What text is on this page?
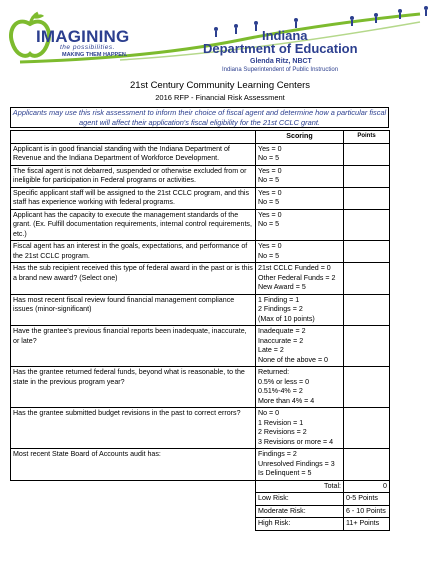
IMAGINING
the possibilities.
MAKING THEM HAPPEN.
Indiana
Department of Education
Glenda Ritz, NBCT
Indiana Superintendent of Public Instruction
21st Century Community Learning Centers
2016 RFP - Financial Risk Assessment
Applicants may use this risk assessment to inform their choice of fiscal agent and determine how a particular fiscal agent will affect their application's fiscal eligibility for the 21st CCLC grant.
	Scoring	Points
Applicant is in good financial standing with the Indiana Department of Revenue and the Indiana Department of Workforce Development.	Yes = 0
No = 5	

The fiscal agent is not debarred, suspended or otherwise excluded from or ineligible for participation in Federal programs or activities.	Yes = 0
No = 5	

Specific applicant staff will be assigned to the 21st CCLC program, and this staff has experience working with federal programs.	Yes = 0
No = 5	

Applicant has the capacity to execute the management standards of the grant. (Ex. Fulfill documentation requirements, internal control requirements, etc.)	Yes = 0
No = 5	

Fiscal agent has an interest in the goals, expectations, and performance of the 21st CCLC program.	Yes = 0
No = 5	

Has the sub recipient received this type of federal award in the past or is this a brand new award? (Select one)	21st CCLC Funded = 0
Other Federal Funds = 2
New Award = 5	

Has most recent fiscal review found financial management compliance issues (minor-significant)	1 Finding = 1
2 Findings = 2
(Max of 10 points)	

Have the grantee's previous financial reports been inadequate, inaccurate, or late?	Inadequate = 2
Inaccurate = 2
Late = 2
None of the above = 0	

Has the grantee returned federal funds, beyond what is reasonable, to the state in the previous program year?	Returned:
0.5% or less = 0
0.51%-4% = 2
More than 4% = 4	

Has the grantee submitted budget revisions in the past to correct errors?	No = 0
1 Revision = 1
2 Revisions = 2
3 Revisions or more = 4	

Most recent State Board of Accounts audit has:	Findings = 2
Unresolved Findings = 3
Is Delinquent = 5	

	Total:	0
Low Risk:	0-5 Points
Moderate Risk:	6 - 10 Points
High Risk:	11+ Points
